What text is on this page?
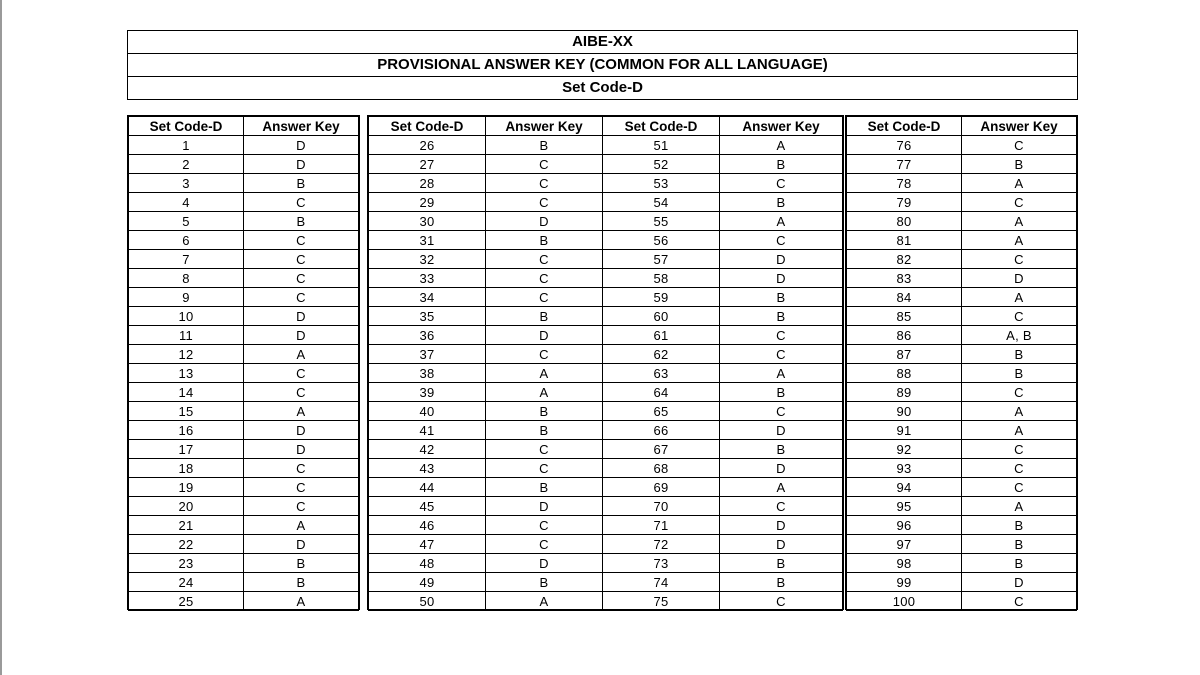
AIBE-XX
PROVISIONAL ANSWER KEY (COMMON FOR ALL LANGUAGE)
Set Code-D
Set Code-D	Answer Key
1	D
2	D
3	B
4	C
5	B
6	C
7	C
8	C
9	C
10	D
11	D
12	A
13	C
14	C
15	A
16	D
17	D
18	C
19	C
20	C
21	A
22	D
23	B
24	B
25	A
Set Code-D	Answer Key	Set Code-D	Answer Key
26	B	51	A
27	C	52	B
28	C	53	C
29	C	54	B
30	D	55	A
31	B	56	C
32	C	57	D
33	C	58	D
34	C	59	B
35	B	60	B
36	D	61	C
37	C	62	C
38	A	63	A
39	A	64	B
40	B	65	C
41	B	66	D
42	C	67	B
43	C	68	D
44	B	69	A
45	D	70	C
46	C	71	D
47	C	72	D
48	D	73	B
49	B	74	B
50	A	75	C
Set Code-D	Answer Key
76	C
77	B
78	A
79	C
80	A
81	A
82	C
83	D
84	A
85	C
86	A, B
87	B
88	B
89	C
90	A
91	A
92	C
93	C
94	C
95	A
96	B
97	B
98	B
99	D
100	C
